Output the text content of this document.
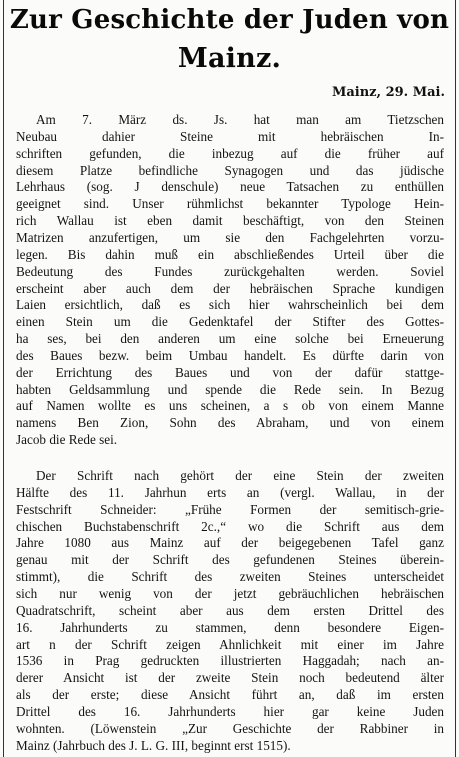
Zur Geschichte der Juden von
Mainz.
Mainz, 29. Mai.
Am 7. März ds. Js. hat man am Tietzschen
Neubau dahier Steine mit hebräischen In-
schriften gefunden, die inbezug auf die früher auf
diesem Platze befindliche Synagogen und das jüdische
Lehrhaus (sog. J denschule) neue Tatsachen zu enthüllen
geeignet sind. Unser rühmlichst bekannter Typologe Hein-
rich Wallau ist eben damit beschäftigt, von den Steinen
Matrizen anzufertigen, um sie den Fachgelehrten vorzu-
legen. Bis dahin muß ein abschließendes Urteil über die
Bedeutung des Fundes zurückgehalten werden. Soviel
erscheint aber auch dem der hebräischen Sprache kundigen
Laien ersichtlich, daß es sich hier wahrscheinlich bei dem
einen Stein um die Gedenktafel der Stifter des Gottes-
ha ses, bei den anderen um eine solche bei Erneuerung
des Baues bezw. beim Umbau handelt. Es dürfte darin von
der Errichtung des Baues und von der dafür stattge-
habten Geldsammlung und spende die Rede sein. In Bezug
auf Namen wollte es uns scheinen, a s ob von einem Manne
namens Ben Zion, Sohn des Abraham, und von einem
Jacob die Rede sei.
Der Schrift nach gehört der eine Stein der zweiten
Hälfte des 11. Jahrhun erts an (vergl. Wallau, in der
Festschrift Schneider: „Frühe Formen der semitisch-grie-
chischen Buchstabenschrift 2c.,“ wo die Schrift aus dem
Jahre 1080 aus Mainz auf der beigegebenen Tafel ganz
genau mit der Schrift des gefundenen Steines überein-
stimmt), die Schrift des zweiten Steines unterscheidet
sich nur wenig von der jetzt gebräuchlichen hebräischen
Quadratschrift, scheint aber aus dem ersten Drittel des
16. Jahrhunderts zu stammen, denn besondere Eigen-
art n der Schrift zeigen Ahnlichkeit mit einer im Jahre
1536 in Prag gedruckten illustrierten Haggadah; nach an-
derer Ansicht ist der zweite Stein noch bedeutend älter
als der erste; diese Ansicht führt an, daß im ersten
Drittel des 16. Jahrhunderts hier gar keine Juden
wohnten. (Löwenstein „Zur Geschichte der Rabbiner in
Mainz (Jahrbuch des J. L. G. III, beginnt erst 1515).
